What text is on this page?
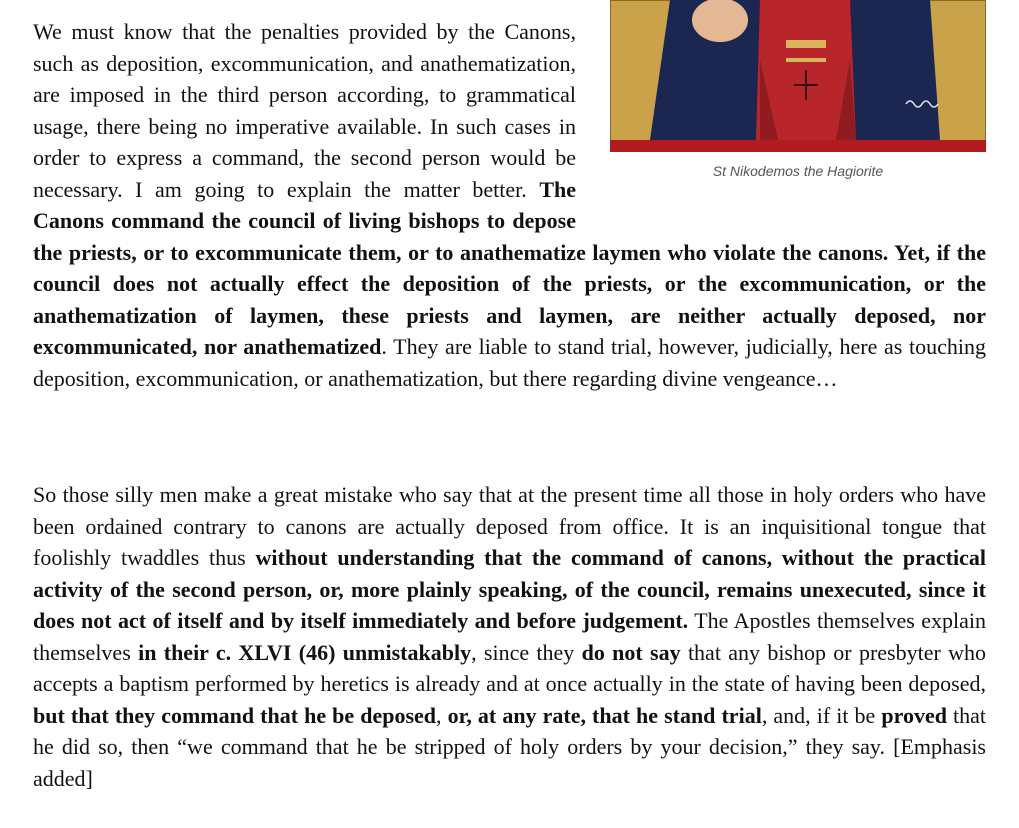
St Nikodemos the Hagiorite

We must know that the penalties provided by the Canons, such as deposition, excommunication, and anathematization, are imposed in the third person according, to grammatical usage, there being no imperative available. In such cases in order to express a command, the second person would be necessary. I am going to explain the matter better. The Canons command the council of living bishops to depose the priests, or to excommunicate them, or to anathematize laymen who violate the canons. Yet, if the council does not actually effect the deposition of the priests, or the excommunication, or the anathematization of laymen, these priests and laymen, are neither actually deposed, nor excommunicated, nor anathematized. They are liable to stand trial, however, judicially, here as touching deposition, excommunication, or anathematization, but there regarding divine vengeance…

So those silly men make a great mistake who say that at the present time all those in holy orders who have been ordained contrary to canons are actually deposed from office. It is an inquisitional tongue that foolishly twaddles thus without understanding that the command of canons, without the practical activity of the second person, or, more plainly speaking, of the council, remains unexecuted, since it does not act of itself and by itself immediately and before judgement. The Apostles themselves explain themselves in their c. XLVI (46) unmistakably, since they do not say that any bishop or presbyter who accepts a baptism performed by heretics is already and at once actually in the state of having been deposed, but that they command that he be deposed, or, at any rate, that he stand trial, and, if it be proved that he did so, then “we command that he be stripped of holy orders by your decision,” they say. [Emphasis added]
